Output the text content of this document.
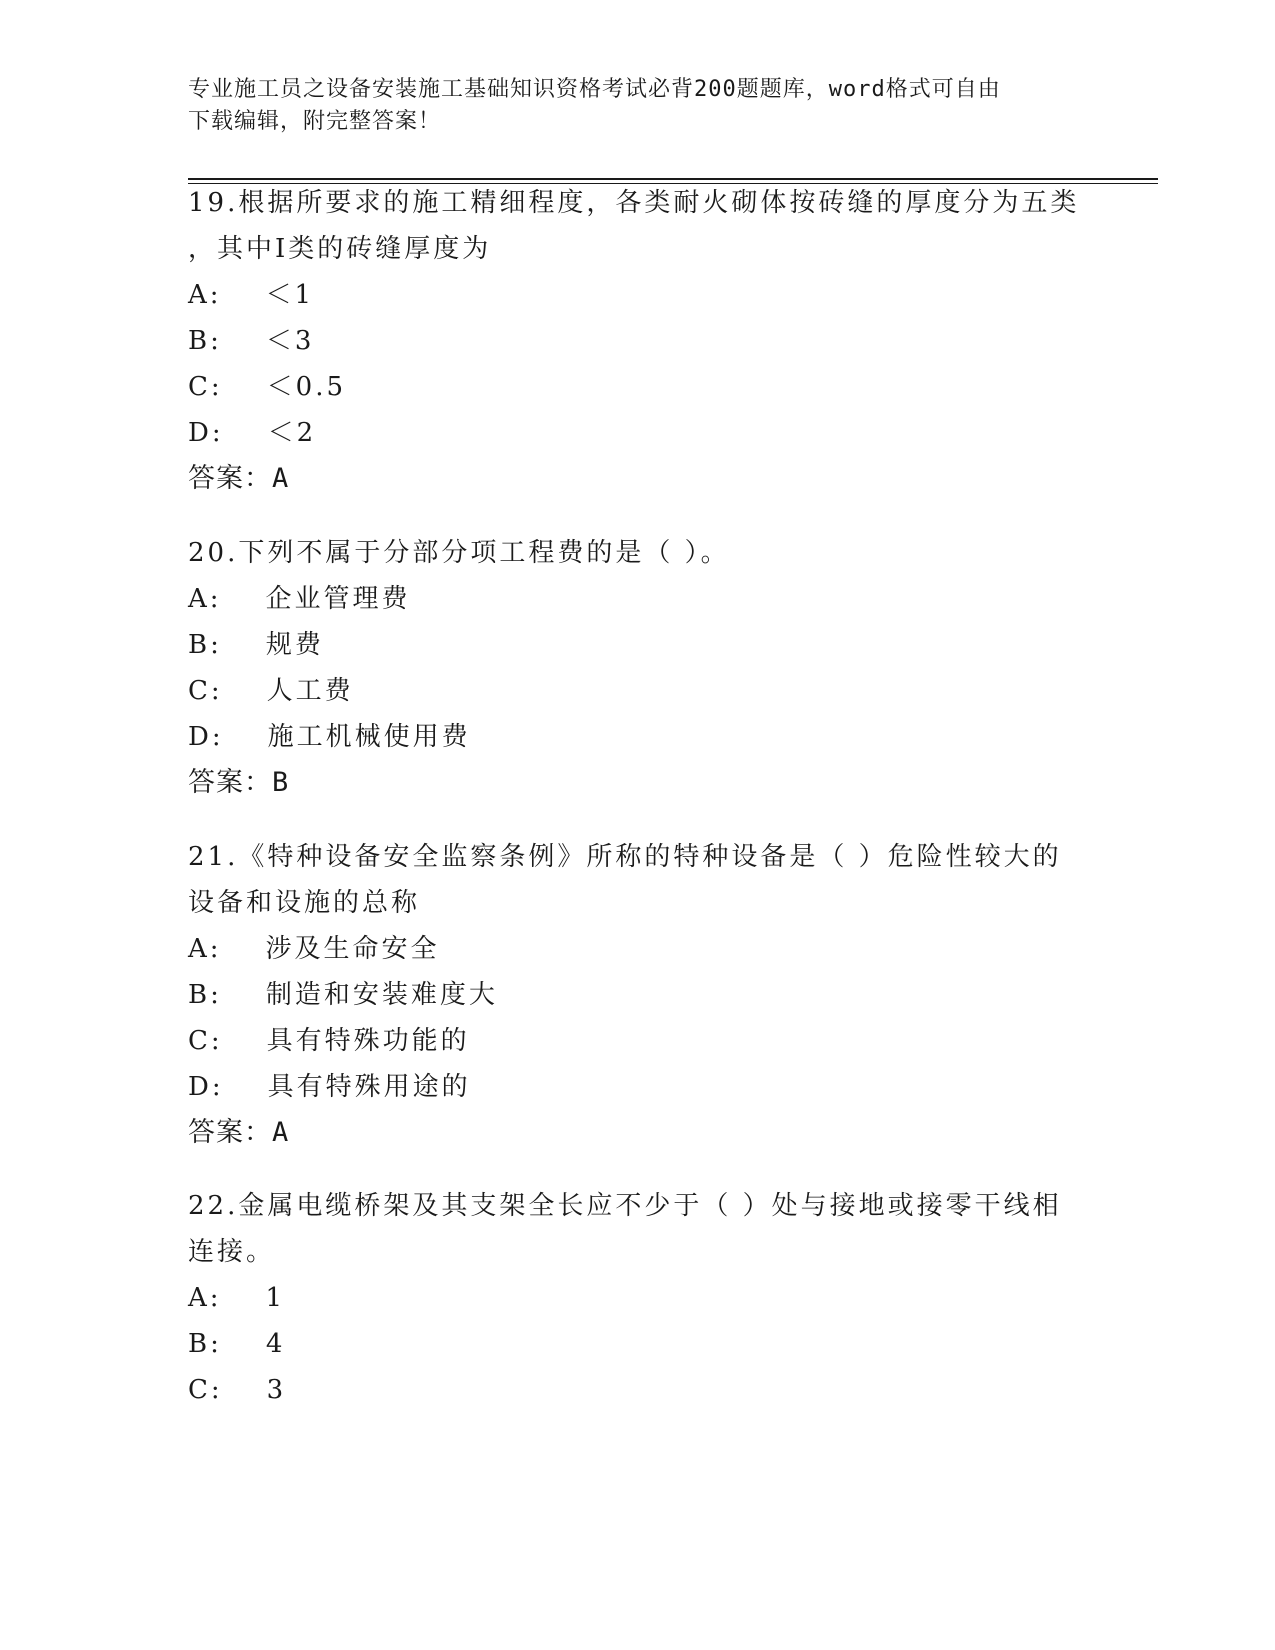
专业施工员之设备安装施工基础知识资格考试必背200题题库，word格式可自由
下载编辑，附完整答案！
19.根据所要求的施工精细程度，各类耐火砌体按砖缝的厚度分为五类
，其中Ⅰ类的砖缝厚度为
A: ＜1
B: ＜3
C: ＜0.5
D: ＜2
答案：A
20.下列不属于分部分项工程费的是（ ）。
A: 企业管理费
B: 规费
C: 人工费
D: 施工机械使用费
答案：B
21.《特种设备安全监察条例》所称的特种设备是（ ）危险性较大的
设备和设施的总称
A: 涉及生命安全
B: 制造和安装难度大
C: 具有特殊功能的
D: 具有特殊用途的
答案：A
22.金属电缆桥架及其支架全长应不少于（ ）处与接地或接零干线相
连接。
A: 1
B: 4
C: 3
